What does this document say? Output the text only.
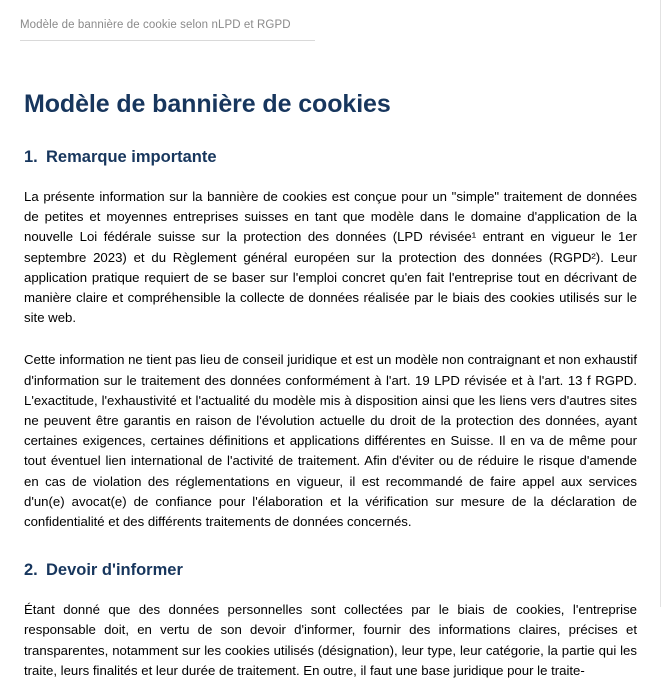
Modèle de bannière de cookie selon nLPD et RGPD
Modèle de bannière de cookies
1. Remarque importante

La présente information sur la bannière de cookies est conçue pour un "simple" traitement de données de petites et moyennes entreprises suisses en tant que modèle dans le domaine d'application de la nouvelle Loi fédérale suisse sur la protection des données (LPD révisée¹ entrant en vigueur le 1er septembre 2023) et du Règlement général européen sur la protection des données (RGPD²). Leur application pratique requiert de se baser sur l'emploi concret qu'en fait l'entreprise tout en décrivant de manière claire et compréhensible la collecte de données réalisée par le biais des cookies utilisés sur le site web.

Cette information ne tient pas lieu de conseil juridique et est un modèle non contraignant et non exhaustif d'information sur le traitement des données conformément à l'art. 19 LPD révisée et à l'art. 13 f RGPD. L'exactitude, l'exhaustivité et l'actualité du modèle mis à disposition ainsi que les liens vers d'autres sites ne peuvent être garantis en raison de l'évolution actuelle du droit de la protection des données, ayant certaines exigences, certaines définitions et applications différentes en Suisse. Il en va de même pour tout éventuel lien international de l'activité de traitement. Afin d'éviter ou de réduire le risque d'amende en cas de violation des réglementations en vigueur, il est recommandé de faire appel aux services d'un(e) avocat(e) de confiance pour l'élaboration et la vérification sur mesure de la déclaration de confidentialité et des différents traitements de données concernés.

2. Devoir d'informer

Étant donné que des données personnelles sont collectées par le biais de cookies, l'entreprise responsable doit, en vertu de son devoir d'informer, fournir des informations claires, précises et transparentes, notamment sur les cookies utilisés (désignation), leur type, leur catégorie, la partie qui les traite, leurs finalités et leur durée de traitement. En outre, il faut une base juridique pour le traite-
